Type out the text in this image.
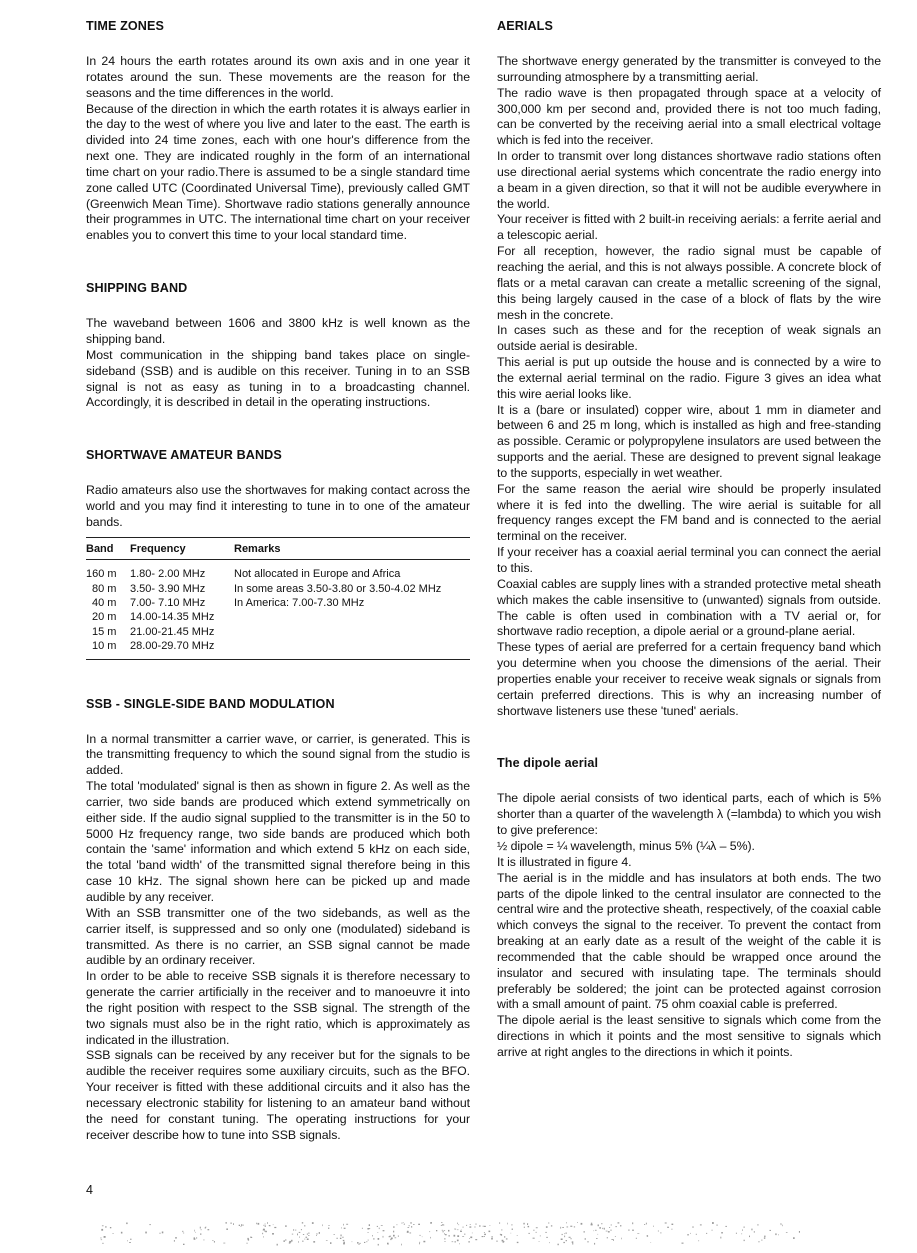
TIME ZONES

In 24 hours the earth rotates around its own axis and in one year it rotates around the sun. These movements are the reason for the seasons and the time differences in the world.

Because of the direction in which the earth rotates it is always earlier in the day to the west of where you live and later to the east. The earth is divided into 24 time zones, each with one hour's difference from the next one. They are indicated roughly in the form of an international time chart on your radio.There is assumed to be a single standard time zone called UTC (Coordinated Universal Time), previously called GMT (Greenwich Mean Time). Shortwave radio stations generally announce their programmes in UTC. The international time chart on your receiver enables you to convert this time to your local standard time.

SHIPPING BAND

The waveband between 1606 and 3800 kHz is well known as the shipping band.

Most communication in the shipping band takes place on single-sideband (SSB) and is audible on this receiver. Tuning in to an SSB signal is not as easy as tuning in to a broadcasting channel. Accordingly, it is described in detail in the operating instructions.

SHORTWAVE AMATEUR BANDS

Radio amateurs also use the shortwaves for making contact across the world and you may find it interesting to tune in to one of the amateur bands.

Band	Frequency	Remarks
160 m	1.80- 2.00 MHz	Not allocated in Europe and Africa
80 m	3.50- 3.90 MHz	In some areas 3.50-3.80 or 3.50-4.02 MHz
40 m	7.00- 7.10 MHz	In America: 7.00-7.30 MHz
20 m	14.00-14.35 MHz	
15 m	21.00-21.45 MHz	
10 m	28.00-29.70 MHz	
SSB - SINGLE-SIDE BAND MODULATION

In a normal transmitter a carrier wave, or carrier, is generated. This is the transmitting frequency to which the sound signal from the studio is added.

The total 'modulated' signal is then as shown in figure 2. As well as the carrier, two side bands are produced which extend symmetrically on either side. If the audio signal supplied to the transmitter is in the 50 to 5000 Hz frequency range, two side bands are produced which both contain the 'same' information and which extend 5 kHz on each side, the total 'band width' of the transmitted signal therefore being in this case 10 kHz. The signal shown here can be picked up and made audible by any receiver.

With an SSB transmitter one of the two sidebands, as well as the carrier itself, is suppressed and so only one (modulated) sideband is transmitted. As there is no carrier, an SSB signal cannot be made audible by an ordinary receiver.

In order to be able to receive SSB signals it is therefore necessary to generate the carrier artificially in the receiver and to manoeuvre it into the right position with respect to the SSB signal. The strength of the two signals must also be in the right ratio, which is approximately as indicated in the illustration.

SSB signals can be received by any receiver but for the signals to be audible the receiver requires some auxiliary circuits, such as the BFO. Your receiver is fitted with these additional circuits and it also has the necessary electronic stability for listening to an amateur band without the need for constant tuning. The operating instructions for your receiver describe how to tune into SSB signals.

AERIALS

The shortwave energy generated by the transmitter is conveyed to the surrounding atmosphere by a transmitting aerial.

The radio wave is then propagated through space at a velocity of 300,000 km per second and, provided there is not too much fading, can be converted by the receiving aerial into a small electrical voltage which is fed into the receiver.

In order to transmit over long distances shortwave radio stations often use directional aerial systems which concentrate the radio energy into a beam in a given direction, so that it will not be audible everywhere in the world.

Your receiver is fitted with 2 built-in receiving aerials: a ferrite aerial and a telescopic aerial.

For all reception, however, the radio signal must be capable of reaching the aerial, and this is not always possible. A concrete block of flats or a metal caravan can create a metallic screening of the signal, this being largely caused in the case of a block of flats by the wire mesh in the concrete.

In cases such as these and for the reception of weak signals an outside aerial is desirable.

This aerial is put up outside the house and is connected by a wire to the external aerial terminal on the radio. Figure 3 gives an idea what this wire aerial looks like.

It is a (bare or insulated) copper wire, about 1 mm in diameter and between 6 and 25 m long, which is installed as high and free-standing as possible. Ceramic or polypropylene insulators are used between the supports and the aerial. These are designed to prevent signal leakage to the supports, especially in wet weather.

For the same reason the aerial wire should be properly insulated where it is fed into the dwelling. The wire aerial is suitable for all frequency ranges except the FM band and is connected to the aerial terminal on the receiver.

If your receiver has a coaxial aerial terminal you can connect the aerial to this.

Coaxial cables are supply lines with a stranded protective metal sheath which makes the cable insensitive to (unwanted) signals from outside. The cable is often used in combination with a TV aerial or, for shortwave radio reception, a dipole aerial or a ground-plane aerial.

These types of aerial are preferred for a certain frequency band which you determine when you choose the dimensions of the aerial. Their properties enable your receiver to receive weak signals or signals from certain preferred directions. This is why an increasing number of shortwave listeners use these 'tuned' aerials.

The dipole aerial

The dipole aerial consists of two identical parts, each of which is 5% shorter than a quarter of the wavelength λ (=lambda) to which you wish to give preference:

½ dipole = ¼ wavelength, minus 5% (¼λ – 5%).

It is illustrated in figure 4.

The aerial is in the middle and has insulators at both ends. The two parts of the dipole linked to the central insulator are connected to the central wire and the protective sheath, respectively, of the coaxial cable which conveys the signal to the receiver. To prevent the contact from breaking at an early date as a result of the weight of the cable it is recommended that the cable should be wrapped once around the insulator and secured with insulating tape. The terminals should preferably be soldered; the joint can be protected against corrosion with a small amount of paint. 75 ohm coaxial cable is preferred.

The dipole aerial is the least sensitive to signals which come from the directions in which it points and the most sensitive to signals which arrive at right angles to the directions in which it points.

4
